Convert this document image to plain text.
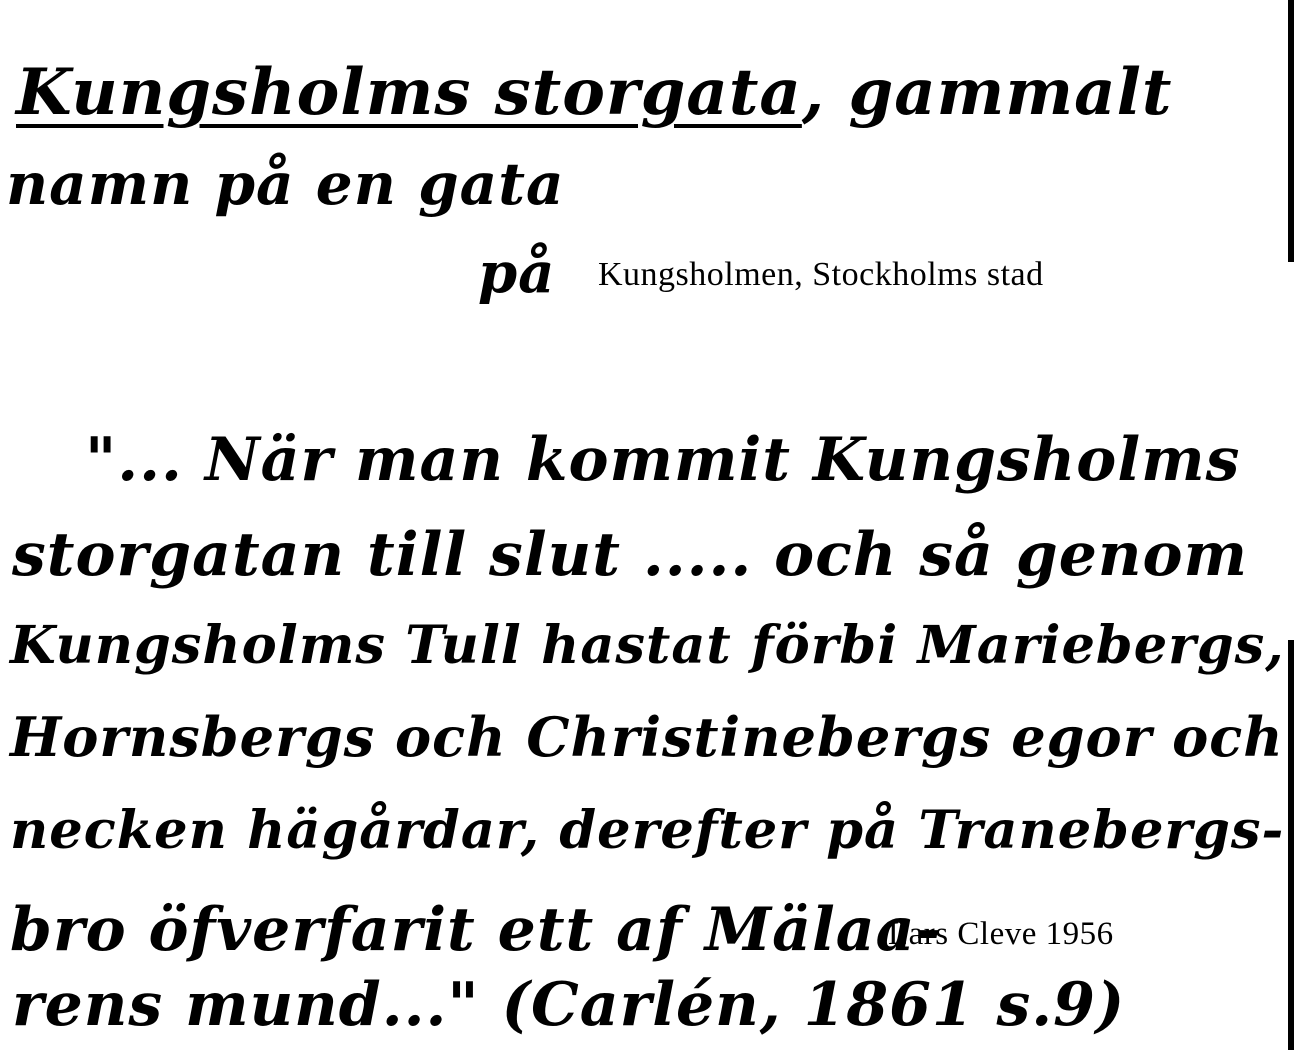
Kungsholms storgata, gammalt
namn på en gata
på Kungsholmen, Stockholms stad
"... När man kommit Kungsholms
storgatan till slut ..... och så genom
Kungsholms Tull hastat förbi Mariebergs,
Hornsbergs och Christinebergs egor och
necken hägårdar, derefter på Tranebergs-
bro öfverfarit ett af Mälaa-
rens mund..." (Carlén, 1861 s.9)
Lars Cleve 1956
